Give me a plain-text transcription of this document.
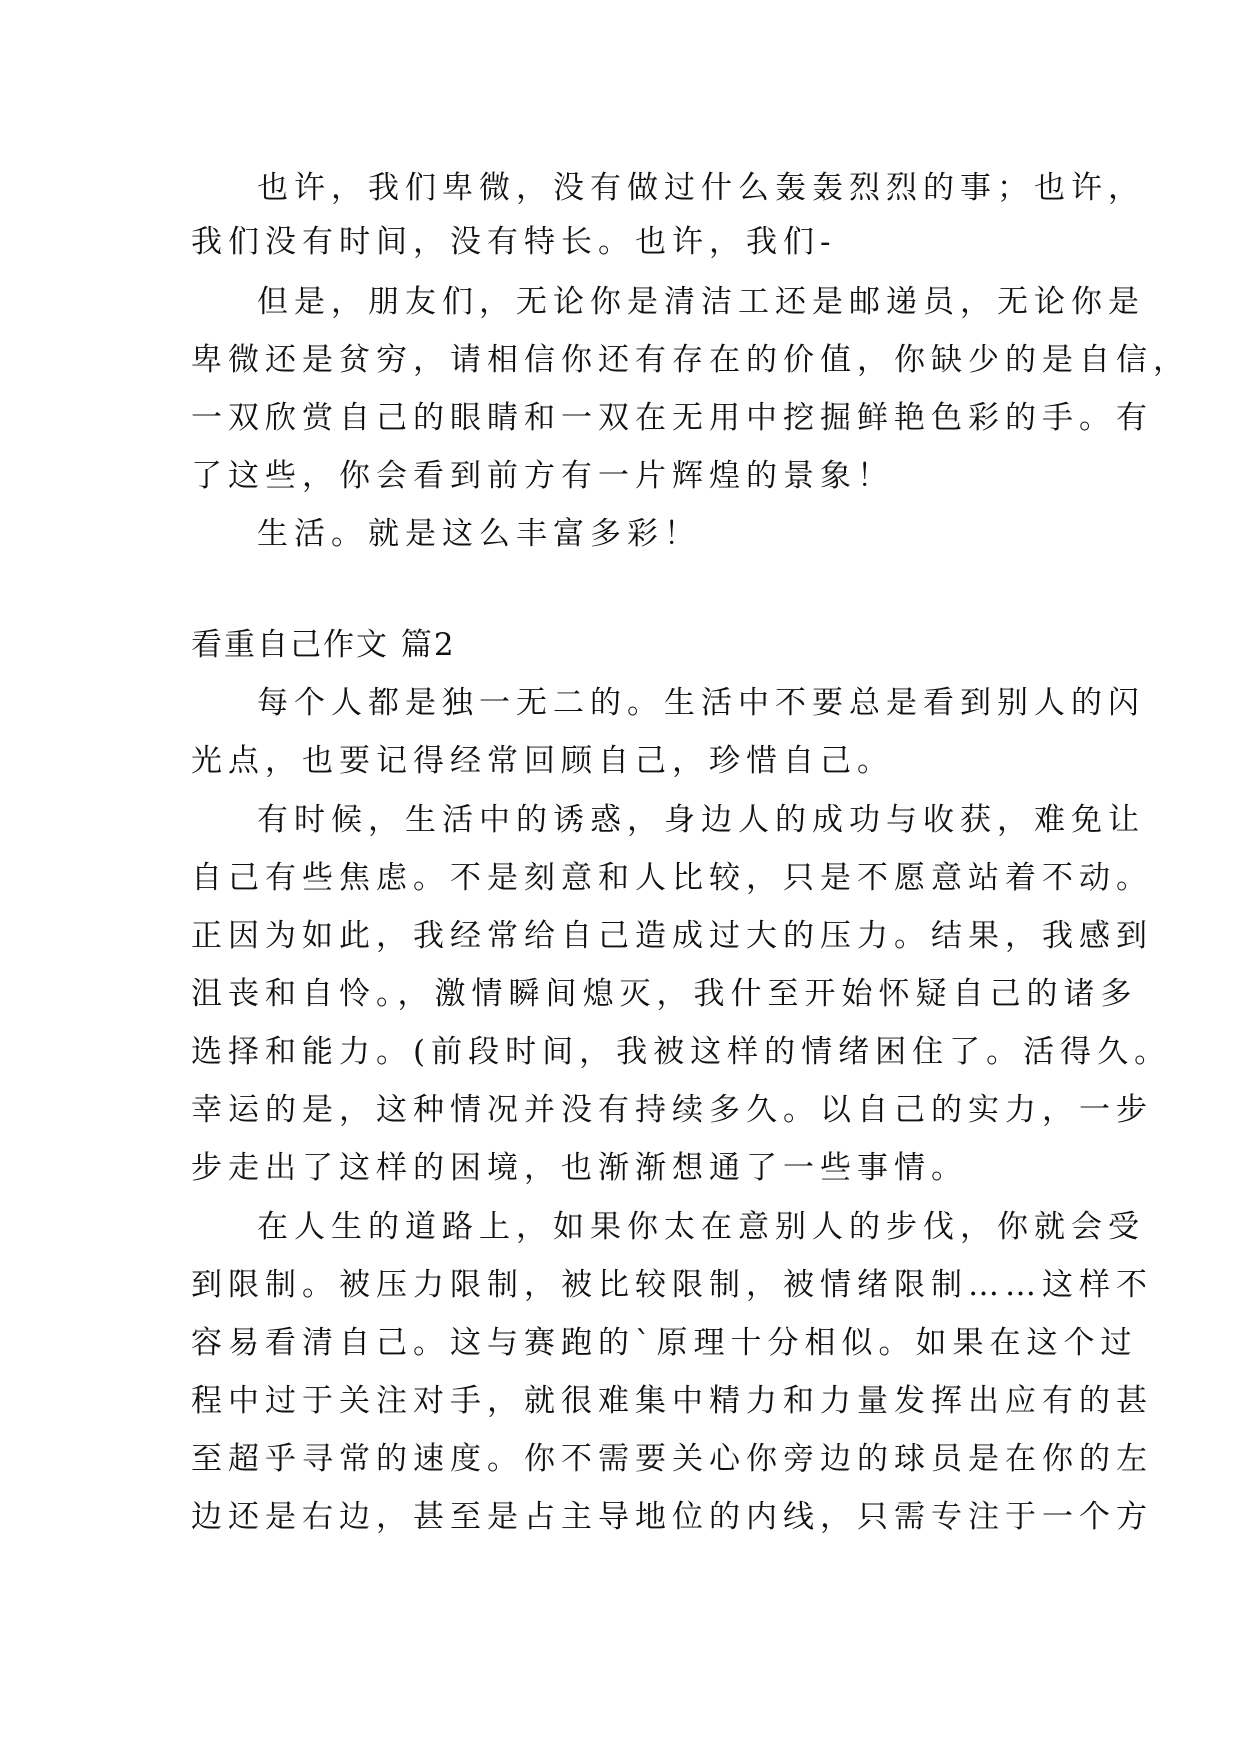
也许，我们卑微，没有做过什么轰轰烈烈的事；也许，
我们没有时间，没有特长。也许，我们-
但是，朋友们，无论你是清洁工还是邮递员，无论你是
卑微还是贫穷，请相信你还有存在的价值，你缺少的是自信，
一双欣赏自己的眼睛和一双在无用中挖掘鲜艳色彩的手。有
了这些，你会看到前方有一片辉煌的景象！
生活。就是这么丰富多彩！
看重自己作文 篇2
每个人都是独一无二的。生活中不要总是看到别人的闪
光点，也要记得经常回顾自己，珍惜自己。
有时候，生活中的诱惑，身边人的成功与收获，难免让
自己有些焦虑。不是刻意和人比较，只是不愿意站着不动。
正因为如此，我经常给自己造成过大的压力。结果，我感到
沮丧和自怜。，激情瞬间熄灭，我什至开始怀疑自己的诸多
选择和能力。(前段时间，我被这样的情绪困住了。活得久。
幸运的是，这种情况并没有持续多久。以自己的实力，一步
步走出了这样的困境，也渐渐想通了一些事情。
在人生的道路上，如果你太在意别人的步伐，你就会受
到限制。被压力限制，被比较限制，被情绪限制……这样不
容易看清自己。这与赛跑的`原理十分相似。如果在这个过
程中过于关注对手，就很难集中精力和力量发挥出应有的甚
至超乎寻常的速度。你不需要关心你旁边的球员是在你的左
边还是右边，甚至是占主导地位的内线，只需专注于一个方
